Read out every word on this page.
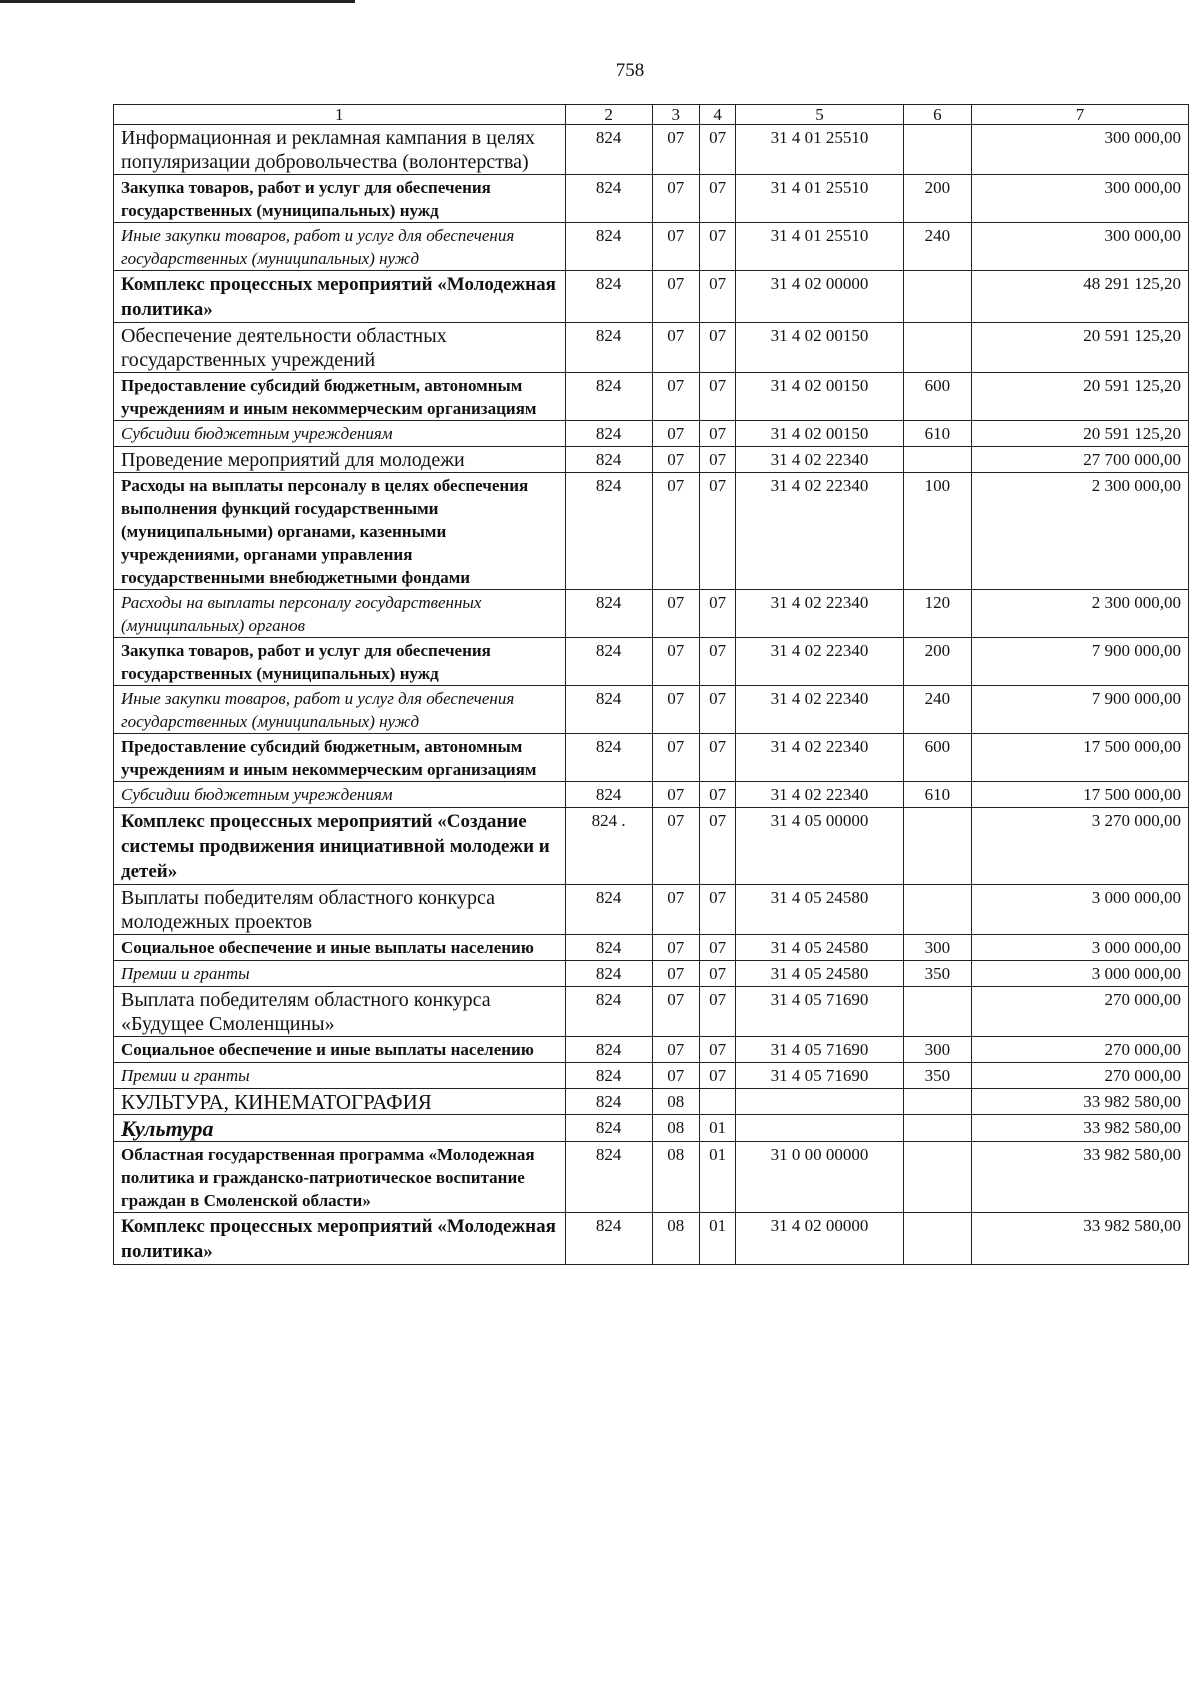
758
1	2	3	4	5	6	7
Информационная и рекламная кампания в целях популяризации добровольчества (волонтерства)	824	07	07	31 4 01 25510		300 000,00
Закупка товаров, работ и услуг для обеспечения государственных (муниципальных) нужд	824	07	07	31 4 01 25510	200	300 000,00
Иные закупки товаров, работ и услуг для обеспечения государственных (муниципальных) нужд	824	07	07	31 4 01 25510	240	300 000,00
Комплекс процессных мероприятий «Молодежная политика»	824	07	07	31 4 02 00000		48 291 125,20
Обеспечение деятельности областных государственных учреждений	824	07	07	31 4 02 00150		20 591 125,20
Предоставление субсидий бюджетным, автономным учреждениям и иным некоммерческим организациям	824	07	07	31 4 02 00150	600	20 591 125,20
Субсидии бюджетным учреждениям	824	07	07	31 4 02 00150	610	20 591 125,20
Проведение мероприятий для молодежи	824	07	07	31 4 02 22340		27 700 000,00
Расходы на выплаты персоналу в целях обеспечения выполнения функций государственными (муниципальными) органами, казенными учреждениями, органами управления государственными внебюджетными фондами	824	07	07	31 4 02 22340	100	2 300 000,00
Расходы на выплаты персоналу государственных (муниципальных) органов	824	07	07	31 4 02 22340	120	2 300 000,00
Закупка товаров, работ и услуг для обеспечения государственных (муниципальных) нужд	824	07	07	31 4 02 22340	200	7 900 000,00
Иные закупки товаров, работ и услуг для обеспечения государственных (муниципальных) нужд	824	07	07	31 4 02 22340	240	7 900 000,00
Предоставление субсидий бюджетным, автономным учреждениям и иным некоммерческим организациям	824	07	07	31 4 02 22340	600	17 500 000,00
Субсидии бюджетным учреждениям	824	07	07	31 4 02 22340	610	17 500 000,00
Комплекс процессных мероприятий «Создание системы продвижения инициативной молодежи и детей»	824 .	07	07	31 4 05 00000		3 270 000,00
Выплаты победителям областного конкурса молодежных проектов	824	07	07	31 4 05 24580		3 000 000,00
Социальное обеспечение и иные выплаты населению	824	07	07	31 4 05 24580	300	3 000 000,00
Премии и гранты	824	07	07	31 4 05 24580	350	3 000 000,00
Выплата победителям областного конкурса «Будущее Смоленщины»	824	07	07	31 4 05 71690		270 000,00
Социальное обеспечение и иные выплаты населению	824	07	07	31 4 05 71690	300	270 000,00
Премии и гранты	824	07	07	31 4 05 71690	350	270 000,00
КУЛЬТУРА, КИНЕМАТОГРАФИЯ	824	08				33 982 580,00
Культура	824	08	01			33 982 580,00
Областная государственная программа «Молодежная политика и гражданско-патриотическое воспитание граждан в Смоленской области»	824	08	01	31 0 00 00000		33 982 580,00
Комплекс процессных мероприятий «Молодежная политика»	824	08	01	31 4 02 00000		33 982 580,00
